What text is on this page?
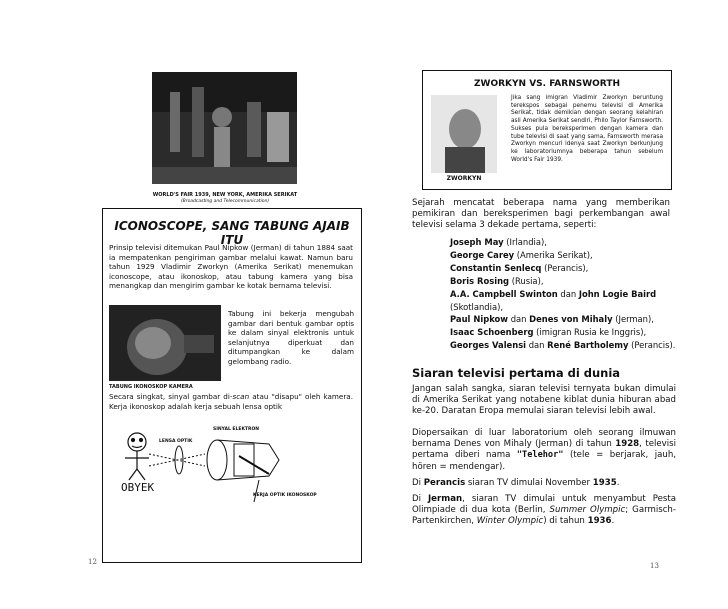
WORLD'S FAIR 1939, NEW YORK, AMERIKA SERIKAT
(Broadcasting and Telecommunication)
ICONOSCOPE, SANG TABUNG AJAIB ITU
Prinsip televisi ditemukan Paul Nipkow (Jerman) di tahun 1884 saat ia mempatenkan pengiriman gambar melalui kawat. Namun baru tahun 1929 Vladimir Zworkyn (Amerika Serikat) menemukan iconoscope, atau ikonoskop, atau tabung kamera yang bisa menangkap dan mengirim gambar ke kotak bernama televisi.
Tabung ini bekerja mengubah gambar dari bentuk gambar optis ke dalam sinyal elektronis untuk selanjutnya diperkuat dan ditumpangkan ke dalam gelombang radio.
TABUNG IKONOSKOP KAMERA
Secara singkat, sinyal gambar di-scan atau "disapu" oleh kamera. Kerja ikonoskop adalah kerja sebuah lensa optik
SINYAL ELEKTRON
LENSA OPTIK
OBYEK
KERJA OPTIK IKONOSKOP
12
ZWORKYN VS. FARNSWORTH
ZWORKYN
Jika sang imigran Vladimir Zworkyn beruntung terekspos sebagai penemu televisi di Amerika Serikat, tidak demikian dengan seorang kelahiran asli Amerika Serikat sendiri, Philo Taylor Farnsworth. Sukses pula bereksperimen dengan kamera dan tube televisi di saat yang sama, Farnsworth merasa Zworkyn mencuri idenya saat Zworkyn berkunjung ke laboratoriumnya beberapa tahun sebelum World's Fair 1939.
Sejarah mencatat beberapa nama yang memberikan pemikiran dan bereksperimen bagi perkembangan awal televisi selama 3 dekade pertama, seperti:
Joseph May (Irlandia),
George Carey (Amerika Serikat),
Constantin Senlecq (Perancis),
Boris Rosing (Rusia),
A.A. Campbell Swinton dan John Logie Baird
(Skotlandia),
Paul Nipkow dan Denes von Mihaly (Jerman),
Isaac Schoenberg (imigran Rusia ke Inggris),
Georges Valensi dan René Bartholemy (Perancis).
Siaran televisi pertama di dunia
Jangan salah sangka, siaran televisi ternyata bukan dimulai di Amerika Serikat yang notabene kiblat dunia hiburan abad ke-20. Daratan Eropa memulai siaran televisi lebih awal.
Diopersaikan di luar laboratorium oleh seorang ilmuwan bernama Denes von Mihaly (Jerman) di tahun 1928, televisi pertama diberi nama "Telehor" (tele = berjarak, jauh, hören = mendengar).
Di Perancis siaran TV dimulai November 1935.
Di Jerman, siaran TV dimulai untuk menyambut Pesta Olimpiade di dua kota (Berlin, Summer Olympic; Garmisch-Partenkirchen, Winter Olympic) di tahun 1936.
13
